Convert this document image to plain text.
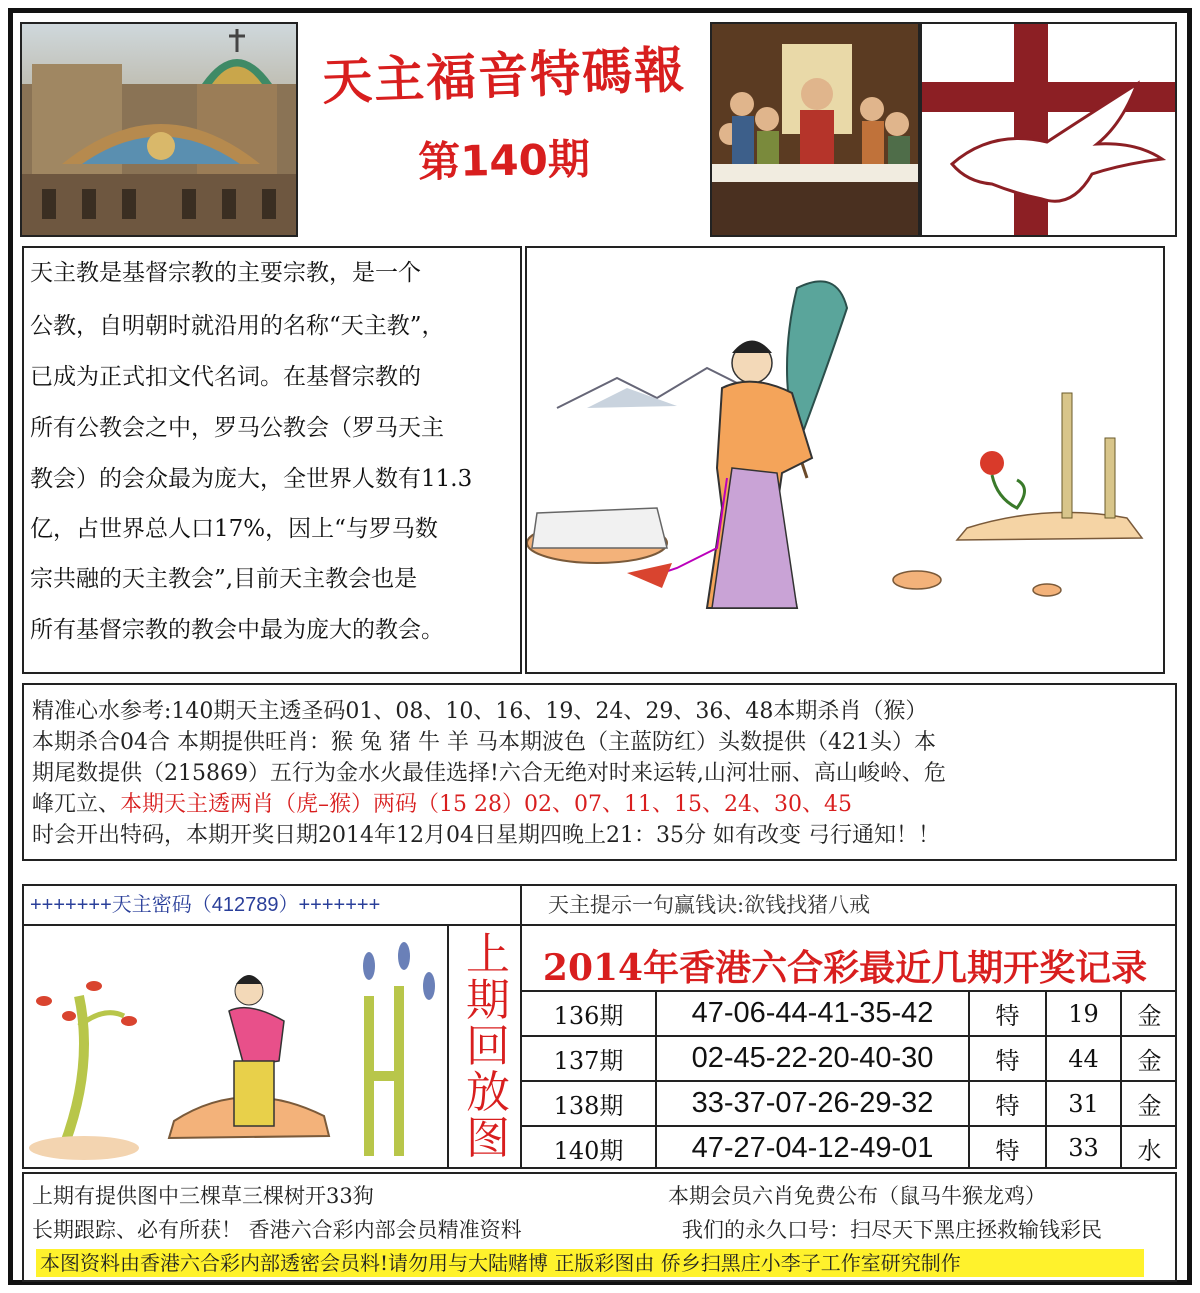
天主福音特碼報
第140期
天主教是基督宗教的主要宗教，是一个
公教，自明朝时就沿用的名称“天主教”，
已成为正式扣文代名词。在基督宗教的
所有公教会之中，罗马公教会（罗马天主
教会）的会众最为庞大，全世界人数有11.3
亿，占世界总人口17%，因上“与罗马数
宗共融的天主教会”,目前天主教会也是
所有基督宗教的教会中最为庞大的教会。
精准心水参考:140期天主透圣码01、08、10、16、19、24、29、36、48本期杀肖（猴）
本期杀合04合 本期提供旺肖：猴 兔 猪 牛 羊 马本期波色（主蓝防红）头数提供（421头）本
期尾数提供（215869）五行为金水火最佳选择!六合无绝对时来运转,山河壮丽、高山峻岭、危
峰兀立、本期天主透两肖（虎–猴）两码（15 28）02、07、11、15、24、30、45
时会开出特码，本期开奖日期2014年12月04日星期四晚上21：35分 如有改变 弓行通知！！
+++++++天主密码（412789）+++++++	天主提示一句赢钱诀:欲钱找猪八戒
上
期
回
放
图
2014年香港六合彩最近几期开奖记录
136期	47-06-44-41-35-42	特	19	金
137期	02-45-22-20-40-30	特	44	金
138期	33-37-07-26-29-32	特	31	金
140期	47-27-04-12-49-01	特	33	水
上期有提供图中三棵草三棵树开33狗	本期会员六肖免费公布（鼠马牛猴龙鸡）
长期跟踪、必有所获！ 香港六合彩内部会员精准资料	我们的永久口号：扫尽天下黑庄拯救输钱彩民
本图资料由香港六合彩内部透密会员料!请勿用与大陆赌博 正版彩图由 侨乡扫黑庄小李子工作室研究制作
